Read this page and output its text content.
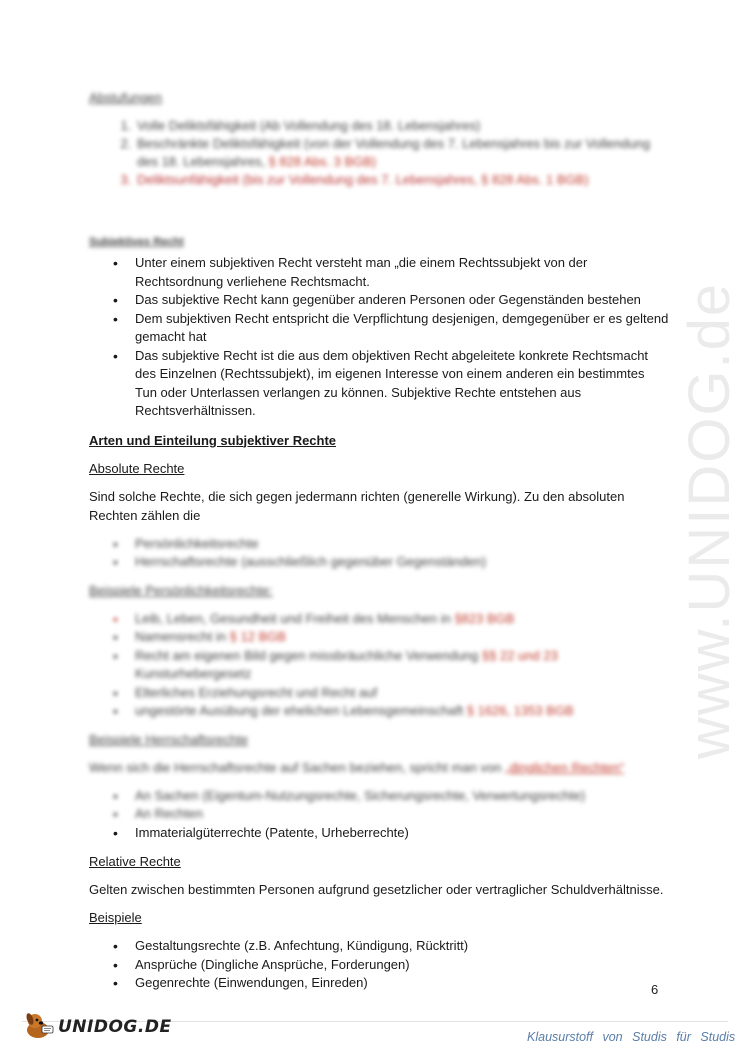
www.UNIDOG.de

Abstufungen

1. Volle Deliktsfähigkeit (Ab Vollendung des 18. Lebensjahres)
2. Beschränkte Deliktsfähigkeit (von der Vollendung des 7. Lebensjahres bis zur Vollendung des 18. Lebensjahres, § 828 Abs. 3 BGB)
3. Deliktsunfähigkeit (bis zur Vollendung des 7. Lebensjahres, § 828 Abs. 1 BGB)

Subjektives Recht

• Unter einem subjektiven Recht versteht man „die einem Rechtssubjekt von der Rechtsordnung verliehene Rechtsmacht.
• Das subjektive Recht kann gegenüber anderen Personen oder Gegenständen bestehen
• Dem subjektiven Recht entspricht die Verpflichtung desjenigen, demgegenüber er es geltend gemacht hat
• Das subjektive Recht ist die aus dem objektiven Recht abgeleitete konkrete Rechtsmacht des Einzelnen (Rechtssubjekt), im eigenen Interesse von einem anderen ein bestimmtes Tun oder Unterlassen verlangen zu können. Subjektive Rechte entstehen aus Rechtsverhältnissen.

Arten und Einteilung subjektiver Rechte

Absolute Rechte

Sind solche Rechte, die sich gegen jedermann richten (generelle Wirkung). Zu den absoluten Rechten zählen die

• Persönlichkeitsrechte
• Herrschaftsrechte (ausschließlich gegenüber Gegenständen)

Beispiele Persönlichkeitsrechte:

• Leib, Leben, Gesundheit und Freiheit des Menschen in §823 BGB
• Namensrecht in § 12 BGB
• Recht am eigenen Bild gegen missbräuchliche Verwendung §§ 22 und 23 Kunsturhebergesetz
• Elterliches Erziehungsrecht und Recht auf
• ungestörte Ausübung der ehelichen Lebensgemeinschaft § 1626, 1353 BGB

Beispiele Herrschaftsrechte

Wenn sich die Herrschaftsrechte auf Sachen beziehen, spricht man von „dinglichen Rechten“

• An Sachen (Eigentum-Nutzungsrechte, Sicherungsrechte, Verwertungsrechte)
• An Rechten
• Immaterialgüterrechte (Patente, Urheberrechte)

Relative Rechte

Gelten zwischen bestimmten Personen aufgrund gesetzlicher oder vertraglicher Schuldverhältnisse.

Beispiele

• Gestaltungsrechte (z.B. Anfechtung, Kündigung, Rücktritt)
• Ansprüche (Dingliche Ansprüche, Forderungen)
• Gegenrechte (Einwendungen, Einreden)	6
UNIDOG.DE
Klausurstoff von Studis für Studis
